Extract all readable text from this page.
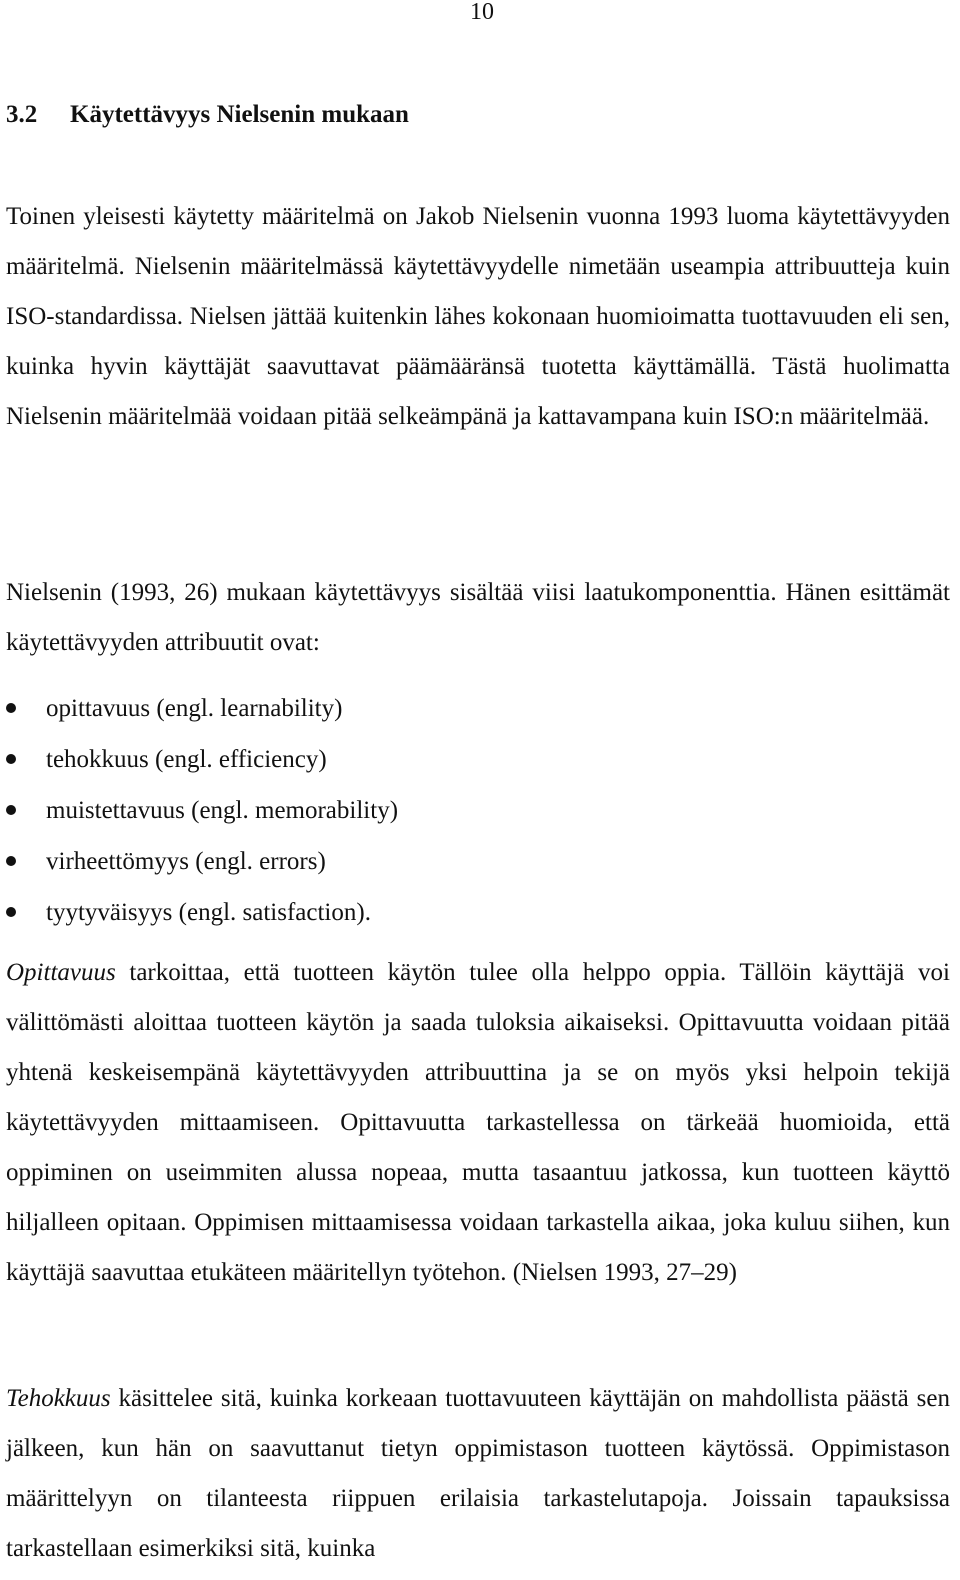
10
3.2 Käytettävyys Nielsenin mukaan

Toinen yleisesti käytetty määritelmä on Jakob Nielsenin vuonna 1993 luoma käytettävyyden määritelmä. Nielsenin määritelmässä käytettävyydelle nimetään useampia attribuutteja kuin ISO-standardissa. Nielsen jättää kuitenkin lähes kokonaan huomioimatta tuottavuuden eli sen, kuinka hyvin käyttäjät saavuttavat päämääränsä tuotetta käyttämällä. Tästä huolimatta Nielsenin määritelmää voidaan pitää selkeämpänä ja kattavampana kuin ISO:n määritelmää.

Nielsenin (1993, 26) mukaan käytettävyys sisältää viisi laatukomponenttia. Hänen esittämät käytettävyyden attribuutit ovat:

opittavuus (engl. learnability)
tehokkuus (engl. efficiency)
muistettavuus (engl. memorability)
virheettömyys (engl. errors)
tyytyväisyys (engl. satisfaction).

Opittavuus tarkoittaa, että tuotteen käytön tulee olla helppo oppia. Tällöin käyttäjä voi välittömästi aloittaa tuotteen käytön ja saada tuloksia aikaiseksi. Opittavuutta voidaan pitää yhtenä keskeisempänä käytettävyyden attribuuttina ja se on myös yksi helpoin tekijä käytettävyyden mittaamiseen. Opittavuutta tarkastellessa on tärkeää huomioida, että oppiminen on useimmiten alussa nopeaa, mutta tasaantuu jatkossa, kun tuotteen käyttö hiljalleen opitaan. Oppimisen mittaamisessa voidaan tarkastella aikaa, joka kuluu siihen, kun käyttäjä saavuttaa etukäteen määritellyn työtehon. (Nielsen 1993, 27–29)

Tehokkuus käsittelee sitä, kuinka korkeaan tuottavuuteen käyttäjän on mahdollista päästä sen jälkeen, kun hän on saavuttanut tietyn oppimistason tuotteen käytössä. Oppimistason määrittelyyn on tilanteesta riippuen erilaisia tarkastelutapoja. Joissain tapauksissa tarkastellaan esimerkiksi sitä, kuinka
